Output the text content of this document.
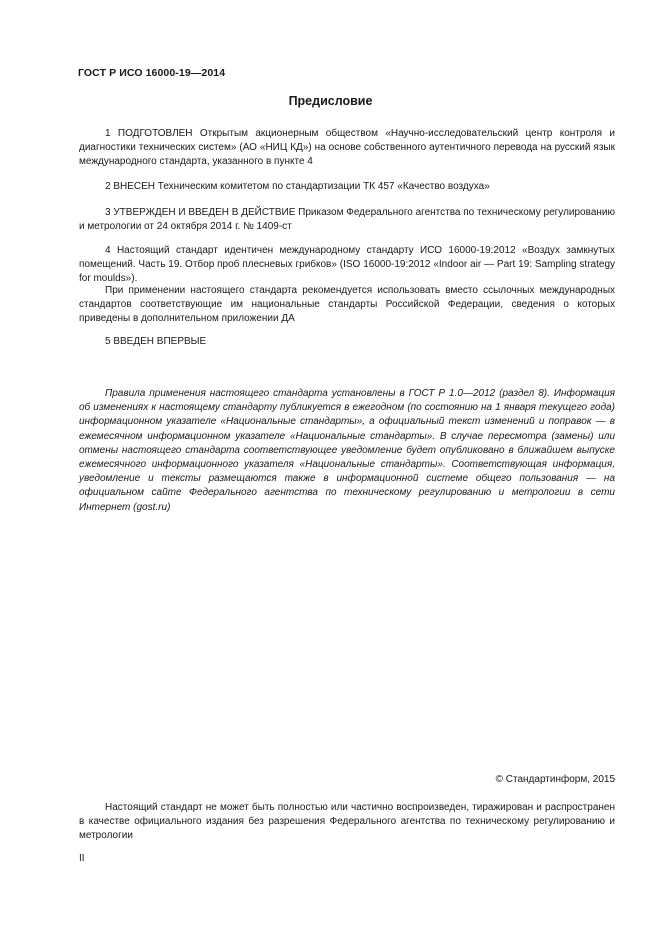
ГОСТ Р ИСО 16000-19—2014
Предисловие

1 ПОДГОТОВЛЕН Открытым акционерным обществом «Научно-исследовательский центр контроля и диагностики технических систем» (АО «НИЦ КД») на основе собственного аутентичного перевода на русский язык международного стандарта, указанного в пункте 4

2 ВНЕСЕН Техническим комитетом по стандартизации ТК 457 «Качество воздуха»

3 УТВЕРЖДЕН И ВВЕДЕН В ДЕЙСТВИЕ Приказом Федерального агентства по техническому регулированию и метрологии от 24 октября 2014 г. № 1409-ст

4 Настоящий стандарт идентичен международному стандарту ИСО 16000-19:2012 «Воздух замкнутых помещений. Часть 19. Отбор проб плесневых грибков» (ISO 16000-19:2012 «Indoor air — Part 19: Sampling strategy for moulds»).

При применении настоящего стандарта рекомендуется использовать вместо ссылочных международных стандартов соответствующие им национальные стандарты Российской Федерации, сведения о которых приведены в дополнительном приложении ДА

5 ВВЕДЕН ВПЕРВЫЕ

Правила применения настоящего стандарта установлены в ГОСТ Р 1.0—2012 (раздел 8). Информация об изменениях к настоящему стандарту публикуется в ежегодном (по состоянию на 1 января текущего года) информационном указателе «Национальные стандарты», а официальный текст изменений и поправок — в ежемесячном информационном указателе «Национальные стандарты». В случае пересмотра (замены) или отмены настоящего стандарта соответствующее уведомление будет опубликовано в ближайшем выпуске ежемесячного информационного указателя «Национальные стандарты». Соответствующая информация, уведомление и тексты размещаются также в информационной системе общего пользования — на официальном сайте Федерального агентства по техническому регулированию и метрологии в сети Интернет (gost.ru)

© Стандартинформ, 2015

Настоящий стандарт не может быть полностью или частично воспроизведен, тиражирован и распространен в качестве официального издания без разрешения Федерального агентства по техническому регулированию и метрологии

II
